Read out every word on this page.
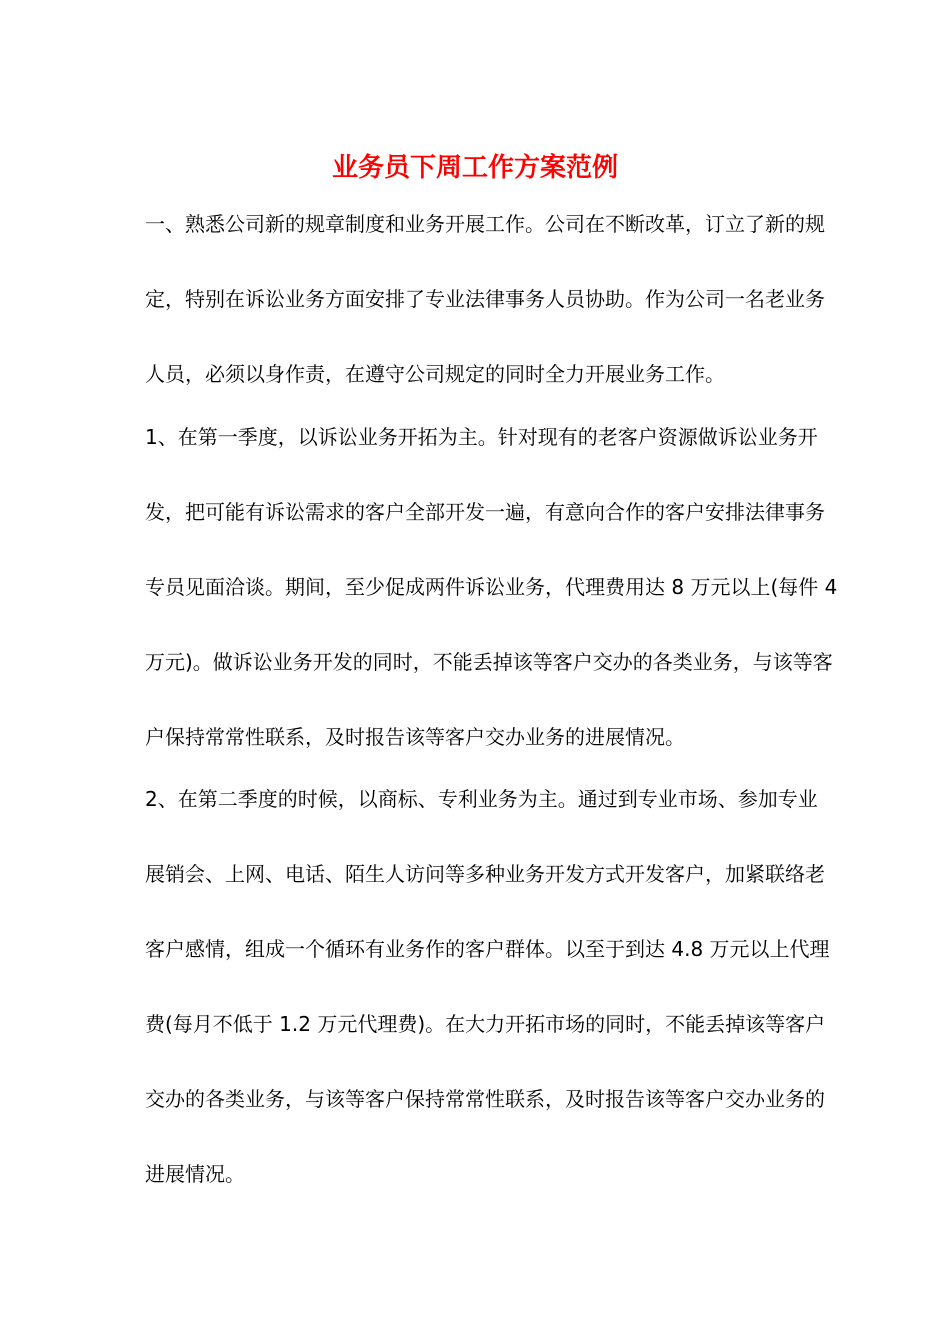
业务员下周工作方案范例
一、熟悉公司新的规章制度和业务开展工作。公司在不断改革，订立了新的规
定，特别在诉讼业务方面安排了专业法律事务人员协助。作为公司一名老业务
人员，必须以身作责，在遵守公司规定的同时全力开展业务工作。
1、在第一季度，以诉讼业务开拓为主。针对现有的老客户资源做诉讼业务开
发，把可能有诉讼需求的客户全部开发一遍，有意向合作的客户安排法律事务
专员见面洽谈。期间，至少促成两件诉讼业务，代理费用达 8 万元以上(每件 4
万元)。做诉讼业务开发的同时，不能丢掉该等客户交办的各类业务，与该等客
户保持常常性联系，及时报告该等客户交办业务的进展情况。
2、在第二季度的时候，以商标、专利业务为主。通过到专业市场、参加专业
展销会、上网、电话、陌生人访问等多种业务开发方式开发客户，加紧联络老
客户感情，组成一个循环有业务作的客户群体。以至于到达 4.8 万元以上代理
费(每月不低于 1.2 万元代理费)。在大力开拓市场的同时，不能丢掉该等客户
交办的各类业务，与该等客户保持常常性联系，及时报告该等客户交办业务的
进展情况。
